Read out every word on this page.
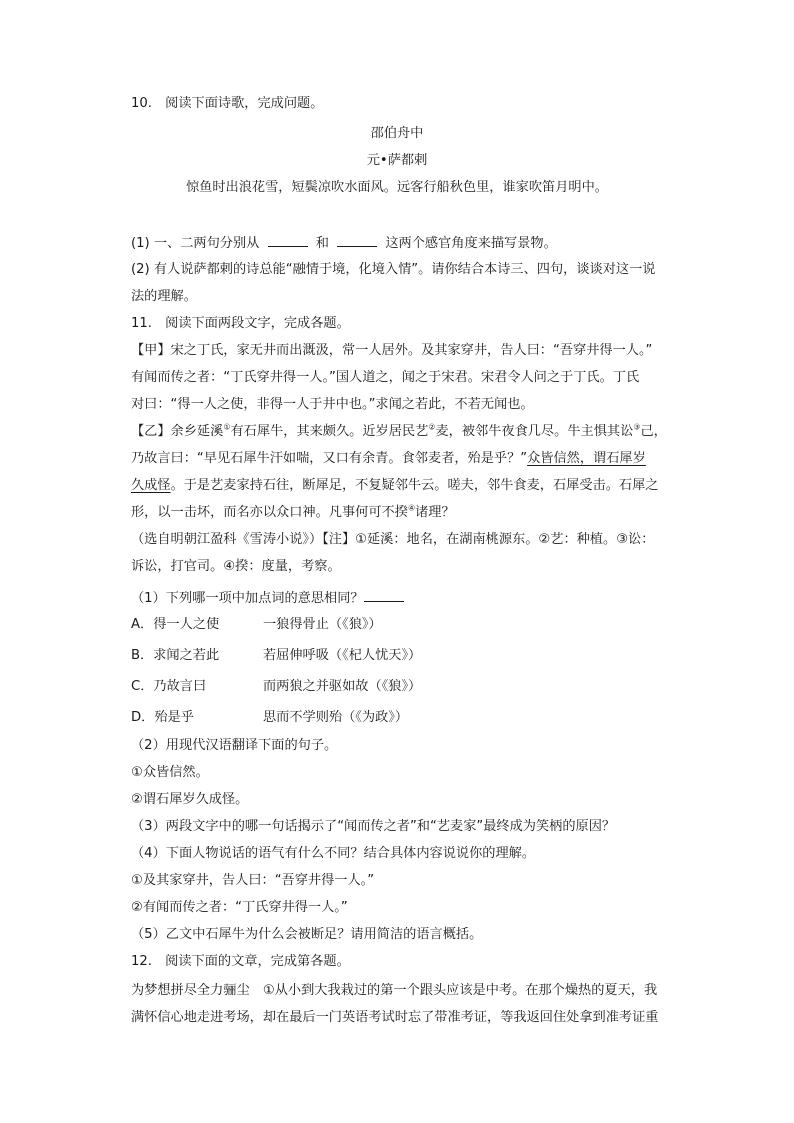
10.　阅读下面诗歌，完成问题。
邵伯舟中
元•萨都剌
惊鱼时出浪花雪，短鬓凉吹水面风。远客行船秋色里，谁家吹笛月明中。
(1) 一、二两句分别从	和	这两个感官角度来描写景物。
(2) 有人说萨都剌的诗总能“融情于境，化境入情”。请你结合本诗三、四句，谈谈对这一说
法的理解。
11.　阅读下面两段文字，完成各题。
【甲】宋之丁氏，家无井而出溉汲，常一人居外。及其家穿井，告人曰：“吾穿井得一人。”
有闻而传之者：“丁氏穿井得一人。”国人道之，闻之于宋君。宋君令人问之于丁氏。丁氏
对曰：“得一人之使，非得一人于井中也。”求闻之若此，不若无闻也。
【乙】余乡延溪①有石犀牛，其来颇久。近岁居民艺②麦，被邻牛夜食几尽。牛主惧其讼③己，
乃故言曰：“早见石犀牛汗如喘，又口有余青。食邻麦者，殆是乎？”众皆信然，谓石犀岁
久成怪。于是艺麦家持石往，断犀足，不复疑邻牛云。嗟夫，邻牛食麦，石犀受击。石犀之
形，以一击坏，而名亦以众口神。凡事何可不揆④诸理？
（选自明朝江盈科《雪涛小说》）【注】①延溪：地名，在湖南桃源东。②艺：种植。③讼：
诉讼，打官司。④揆：度量，考察。
（1）下列哪一项中加点词的意思相同？
A．得一人之使	一狼得骨止（《狼》）
B．求闻之若此	若屈伸呼吸（《杞人忧天》）
C．乃故言曰	而两狼之并驱如故（《狼》）
D．殆是乎	思而不学则殆（《为政》）
（2）用现代汉语翻译下面的句子。
①众皆信然。
②谓石犀岁久成怪。
（3）两段文字中的哪一句话揭示了“闻而传之者”和“艺麦家”最终成为笑柄的原因？
（4）下面人物说话的语气有什么不同？结合具体内容说说你的理解。
①及其家穿井，告人曰：“吾穿井得一人。”
②有闻而传之者：“丁氏穿井得一人。”
（5）乙文中石犀牛为什么会被断足？请用简洁的语言概括。
12.　阅读下面的文章，完成第各题。
为梦想拼尽全力骊尘　①从小到大我栽过的第一个跟头应该是中考。在那个燥热的夏天，我
满怀信心地走进考场，却在最后一门英语考试时忘了带准考证，等我返回住处拿到准考证重
